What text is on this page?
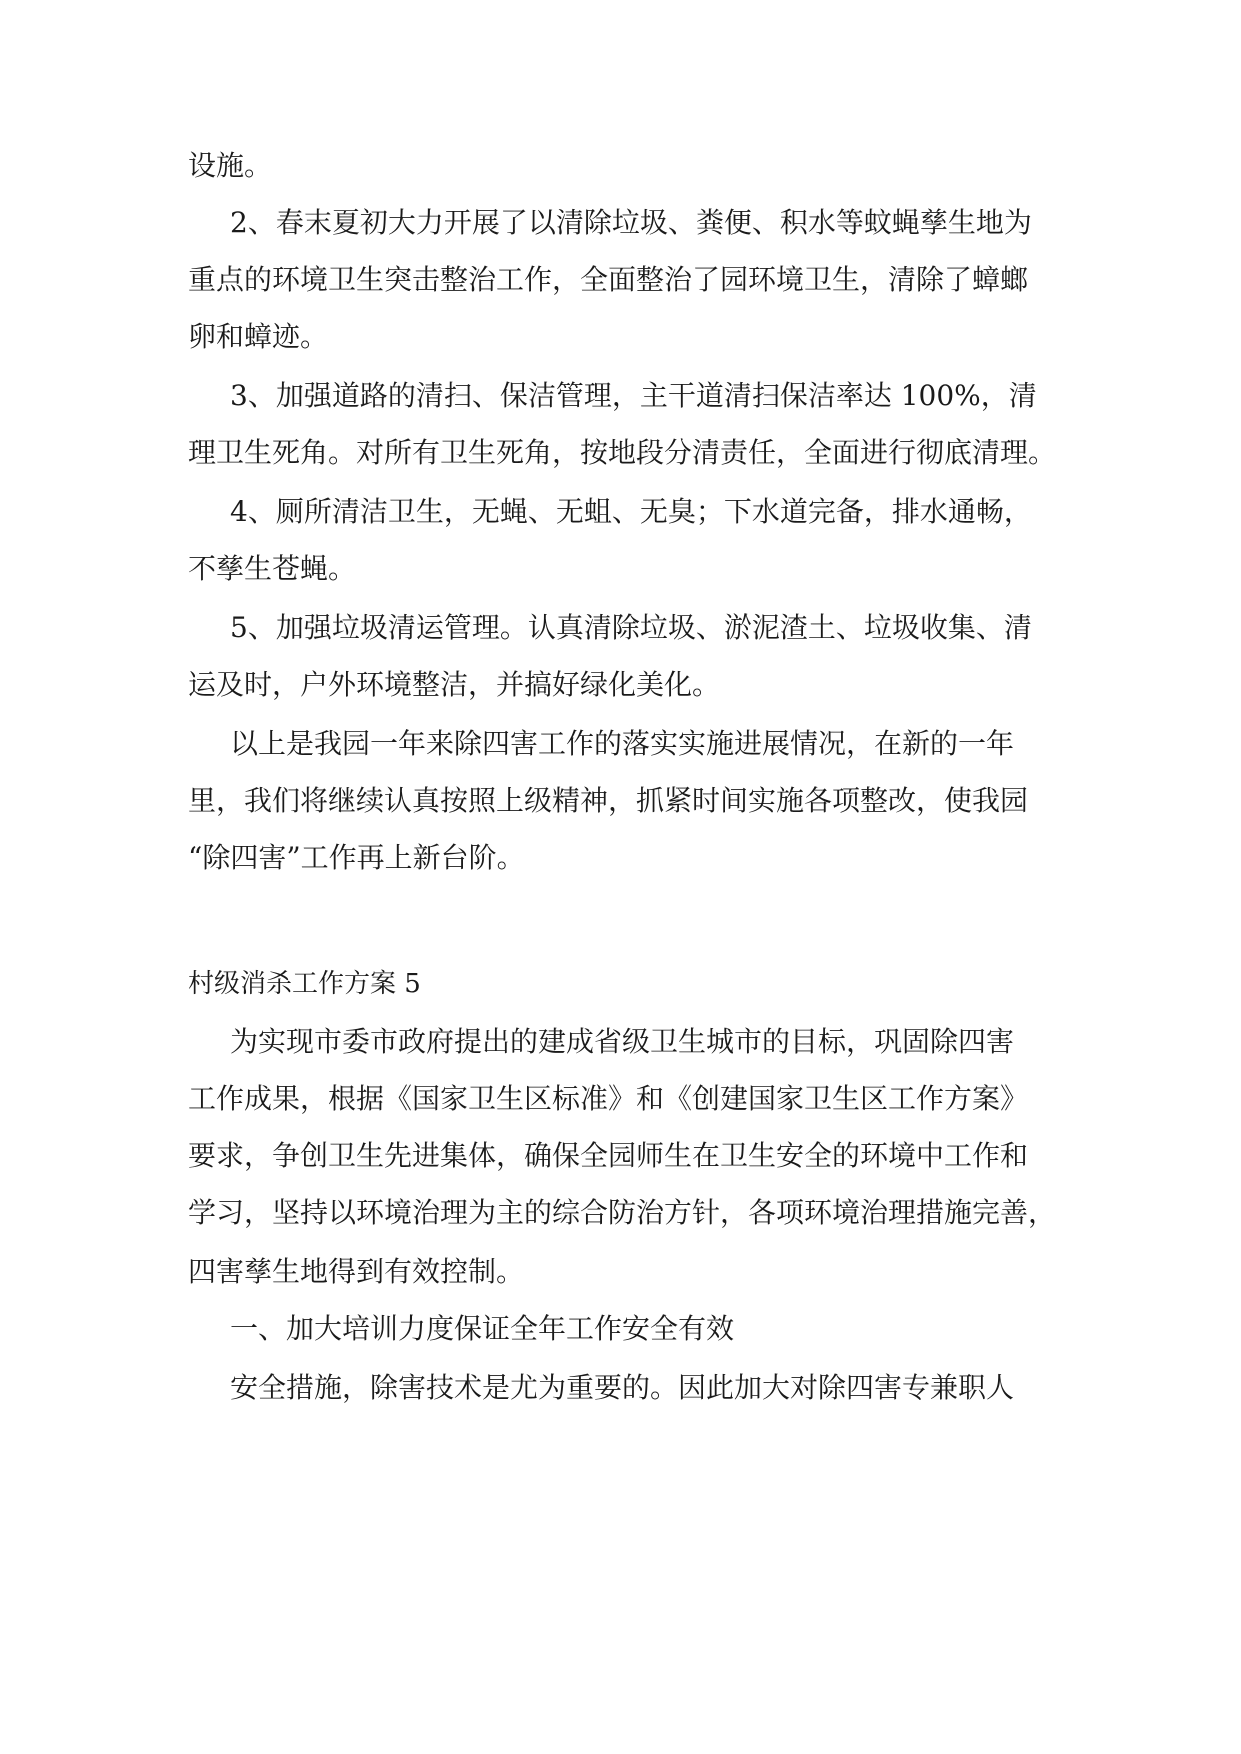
设施。

2、春末夏初大力开展了以清除垃圾、粪便、积水等蚊蝇孳生地为

重点的环境卫生突击整治工作，全面整治了园环境卫生，清除了蟑螂

卵和蟑迹。

3、加强道路的清扫、保洁管理，主干道清扫保洁率达 100%，清

理卫生死角。对所有卫生死角，按地段分清责任，全面进行彻底清理。

4、厕所清洁卫生，无蝇、无蛆、无臭；下水道完备，排水通畅，

不孳生苍蝇。

5、加强垃圾清运管理。认真清除垃圾、淤泥渣土、垃圾收集、清

运及时，户外环境整洁，并搞好绿化美化。

以上是我园一年来除四害工作的落实实施进展情况，在新的一年

里，我们将继续认真按照上级精神，抓紧时间实施各项整改，使我园

“除四害”工作再上新台阶。

村级消杀工作方案 5

为实现市委市政府提出的建成省级卫生城市的目标，巩固除四害

工作成果，根据《国家卫生区标准》和《创建国家卫生区工作方案》

要求，争创卫生先进集体，确保全园师生在卫生安全的环境中工作和

学习，坚持以环境治理为主的综合防治方针，各项环境治理措施完善，

四害孳生地得到有效控制。

一、加大培训力度保证全年工作安全有效

安全措施，除害技术是尤为重要的。因此加大对除四害专兼职人
